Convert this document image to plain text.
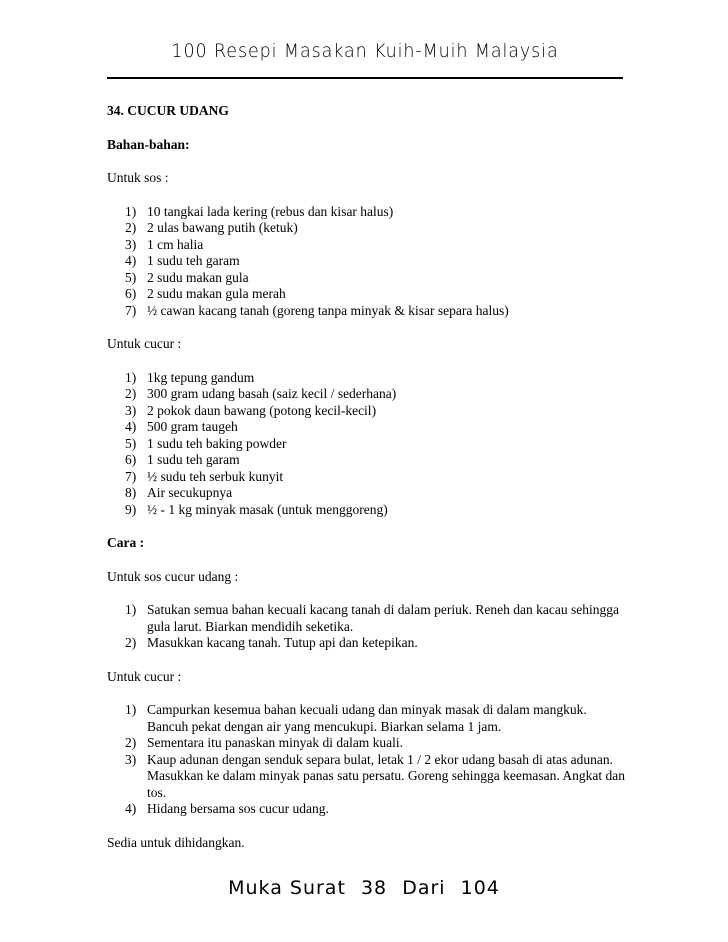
100 Resepi Masakan Kuih-Muih Malaysia
34. CUCUR UDANG
Bahan-bahan:
Untuk sos :
1) 10 tangkai lada kering (rebus dan kisar halus)
2) 2 ulas bawang putih (ketuk)
3) 1 cm halia
4) 1 sudu teh garam
5) 2 sudu makan gula
6) 2 sudu makan gula merah
7) ½ cawan kacang tanah (goreng tanpa minyak & kisar separa halus)
Untuk cucur :
1) 1kg tepung gandum
2) 300 gram udang basah (saiz kecil / sederhana)
3) 2 pokok daun bawang (potong kecil-kecil)
4) 500 gram taugeh
5) 1 sudu teh baking powder
6) 1 sudu teh garam
7) ½ sudu teh serbuk kunyit
8) Air secukupnya
9) ½ - 1 kg minyak masak (untuk menggoreng)
Cara :
Untuk sos cucur udang :
1) Satukan semua bahan kecuali kacang tanah di dalam periuk. Reneh dan kacau sehingga gula larut. Biarkan mendidih seketika.
2) Masukkan kacang tanah. Tutup api dan ketepikan.
Untuk cucur :
1) Campurkan kesemua bahan kecuali udang dan minyak masak di dalam mangkuk. Bancuh pekat dengan air yang mencukupi. Biarkan selama 1 jam.
2) Sementara itu panaskan minyak di dalam kuali.
3) Kaup adunan dengan senduk separa bulat, letak 1 / 2 ekor udang basah di atas adunan. Masukkan ke dalam minyak panas satu persatu. Goreng sehingga keemasan. Angkat dan tos.
4) Hidang bersama sos cucur udang.
Sedia untuk dihidangkan.
Muka Surat 38 Dari 104
